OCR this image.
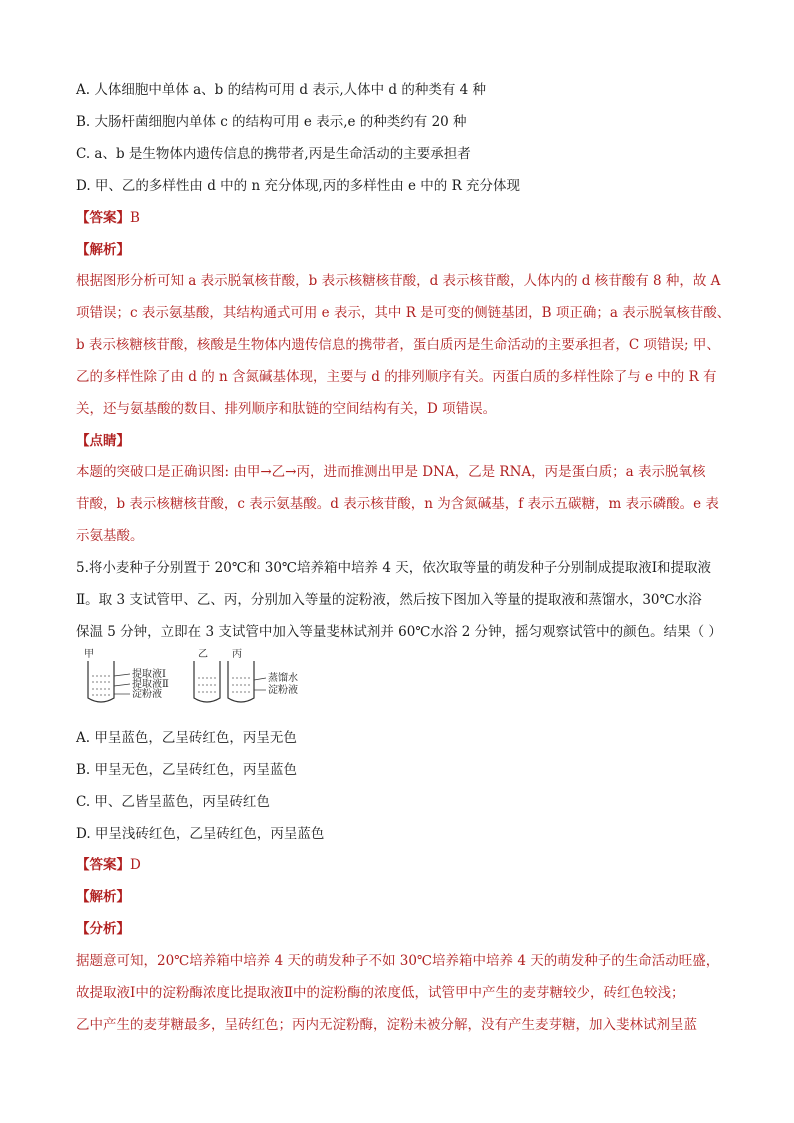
A. 人体细胞中单体 a、b 的结构可用 d 表示,人体中 d 的种类有 4 种
B. 大肠杆菌细胞内单体 c 的结构可用 e 表示,e 的种类约有 20 种
C. a、b 是生物体内遗传信息的携带者,丙是生命活动的主要承担者
D. 甲、乙的多样性由 d 中的 n 充分体现,丙的多样性由 e 中的 R 充分体现
【答案】B
【解析】
根据图形分析可知 a 表示脱氧核苷酸，b 表示核糖核苷酸，d 表示核苷酸，人体内的 d 核苷酸有 8 种，故 A
项错误；c 表示氨基酸，其结构通式可用 e 表示，其中 R 是可变的侧链基团，B 项正确；a 表示脱氧核苷酸、
b 表示核糖核苷酸，核酸是生物体内遗传信息的携带者，蛋白质丙是生命活动的主要承担者，C 项错误; 甲、
乙的多样性除了由 d 的 n 含氮碱基体现，主要与 d 的排列顺序有关。丙蛋白质的多样性除了与 e 中的 R 有
关，还与氨基酸的数目、排列顺序和肽链的空间结构有关，D 项错误。
【点睛】
本题的突破口是正确识图: 由甲→乙→丙，进而推测出甲是 DNA，乙是 RNA，丙是蛋白质；a 表示脱氧核
苷酸，b 表示核糖核苷酸，c 表示氨基酸。d 表示核苷酸，n 为含氮碱基，f 表示五碳糖，m 表示磷酸。e 表
示氨基酸。
5.将小麦种子分别置于 20℃和 30℃培养箱中培养 4 天，依次取等量的萌发种子分别制成提取液Ⅰ和提取液
Ⅱ。取 3 支试管甲、乙、丙，分别加入等量的淀粉液，然后按下图加入等量的提取液和蒸馏水，30℃水浴
保温 5 分钟，立即在 3 支试管中加入等量斐林试剂并 60℃水浴 2 分钟，摇匀观察试管中的颜色。结果（ ）
甲	乙 丙
提取液Ⅰ
提取液Ⅱ
淀粉液
蒸馏水
淀粉液
A. 甲呈蓝色，乙呈砖红色，丙呈无色
B. 甲呈无色，乙呈砖红色，丙呈蓝色
C. 甲、乙皆呈蓝色，丙呈砖红色
D. 甲呈浅砖红色，乙呈砖红色，丙呈蓝色
【答案】D
【解析】
【分析】
据题意可知，20℃培养箱中培养 4 天的萌发种子不如 30℃培养箱中培养 4 天的萌发种子的生命活动旺盛，
故提取液Ⅰ中的淀粉酶浓度比提取液Ⅱ中的淀粉酶的浓度低，试管甲中产生的麦芽糖较少，砖红色较浅；
乙中产生的麦芽糖最多，呈砖红色；丙内无淀粉酶，淀粉未被分解，没有产生麦芽糖，加入斐林试剂呈蓝
